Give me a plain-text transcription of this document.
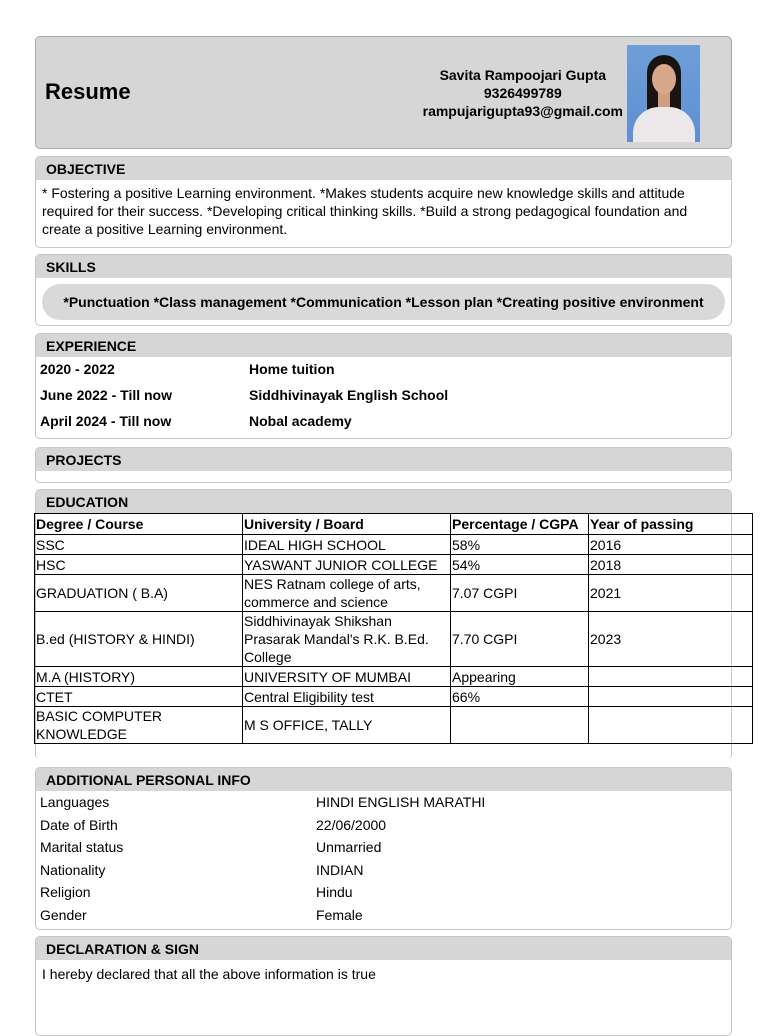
Resume
Savita Rampoojari Gupta
9326499789
rampujarigupta93@gmail.com
OBJECTIVE
* Fostering a positive Learning environment. *Makes students acquire new knowledge skills and attitude required for their success. *Developing critical thinking skills. *Build a strong pedagogical foundation and create a positive Learning environment.
SKILLS
*Punctuation *Class management *Communication *Lesson plan *Creating positive environment
EXPERIENCE
2020 - 2022	Home tuition
June 2022 - Till now	Siddhivinayak English School
April 2024 - Till now	Nobal academy
PROJECTS
EDUCATION
Degree / Course	University / Board	Percentage / CGPA	Year of passing
SSC	IDEAL HIGH SCHOOL	58%	2016
HSC	YASWANT JUNIOR COLLEGE	54%	2018
GRADUATION ( B.A)	NES Ratnam college of arts, commerce and science	7.07 CGPI	2021
B.ed (HISTORY & HINDI)	Siddhivinayak Shikshan Prasarak Mandal's R.K. B.Ed. College	7.70 CGPI	2023
M.A (HISTORY)	UNIVERSITY OF MUMBAI	Appearing	
CTET	Central Eligibility test	66%	
BASIC COMPUTER KNOWLEDGE	M S OFFICE, TALLY		
ADDITIONAL PERSONAL INFO
Languages	HINDI ENGLISH MARATHI
Date of Birth	22/06/2000
Marital status	Unmarried
Nationality	INDIAN
Religion	Hindu
Gender	Female
DECLARATION & SIGN
I hereby declared that all the above information is true
